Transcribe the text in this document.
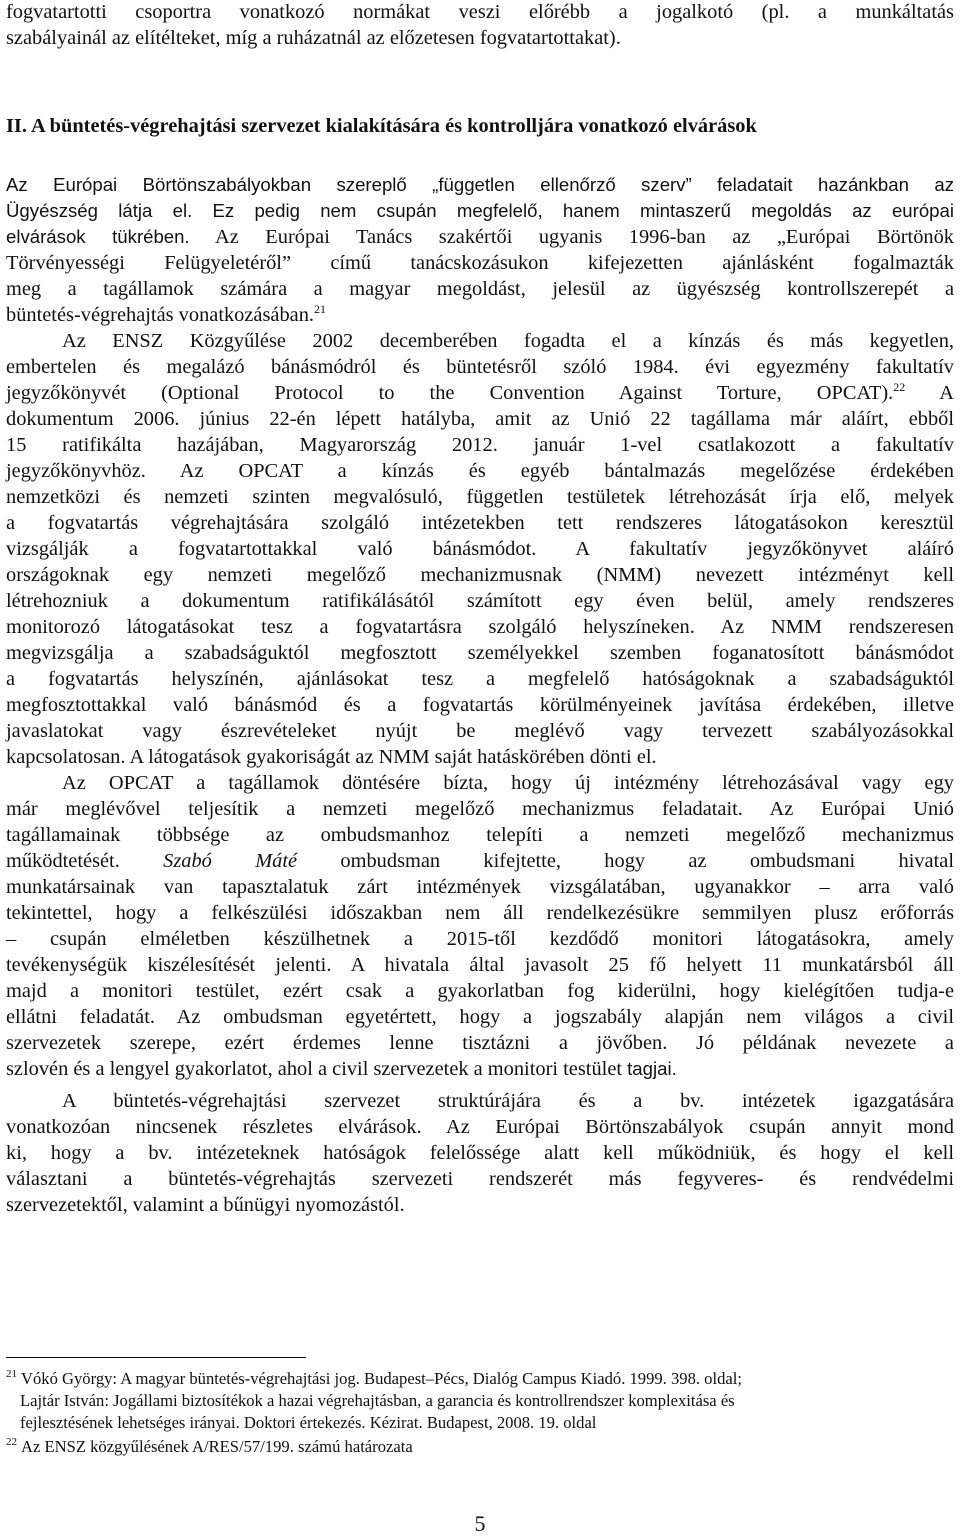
fogvatartotti csoportra vonatkozó normákat veszi előrébb a jogalkotó (pl. a munkáltatás
szabályainál az elítélteket, míg a ruházatnál az előzetesen fogvatartottakat).
II. A büntetés-végrehajtási szervezet kialakítására és kontrolljára vonatkozó elvárások
Az Európai Börtönszabályokban szereplő „független ellenőrző szerv” feladatait hazánkban az
Ügyészség látja el. Ez pedig nem csupán megfelelő, hanem mintaszerű megoldás az európai
elvárások tükrében. Az Európai Tanács szakértői ugyanis 1996-ban az „Európai Börtönök
Törvényességi Felügyeletéről” című tanácskozásukon kifejezetten ajánlásként fogalmazták
meg a tagállamok számára a magyar megoldást, jelesül az ügyészség kontrollszerepét a
büntetés-végrehajtás vonatkozásában.$^{21}$
Az ENSZ Közgyűlése 2002 decemberében fogadta el a kínzás és más kegyetlen,
embertelen és megalázó bánásmódról és büntetésről szóló 1984. évi egyezmény fakultatív
jegyzőkönyvét (Optional Protocol to the Convention Against Torture, OPCAT).$^{22}$ A
dokumentum 2006. június 22-én lépett hatályba, amit az Unió 22 tagállama már aláírt, ebből
15 ratifikálta hazájában, Magyarország 2012. január 1-vel csatlakozott a fakultatív
jegyzőkönyvhöz. Az OPCAT a kínzás és egyéb bántalmazás megelőzése érdekében
nemzetközi és nemzeti szinten megvalósuló, független testületek létrehozását írja elő, melyek
a fogvatartás végrehajtására szolgáló intézetekben tett rendszeres látogatásokon keresztül
vizsgálják a fogvatartottakkal való bánásmódot. A fakultatív jegyzőkönyvet aláíró
országoknak egy nemzeti megelőző mechanizmusnak (NMM) nevezett intézményt kell
létrehozniuk a dokumentum ratifikálásától számított egy éven belül, amely rendszeres
monitorozó látogatásokat tesz a fogvatartásra szolgáló helyszíneken. Az NMM rendszeresen
megvizsgálja a szabadságuktól megfosztott személyekkel szemben foganatosított bánásmódot
a fogvatartás helyszínén, ajánlásokat tesz a megfelelő hatóságoknak a szabadságuktól
megfosztottakkal való bánásmód és a fogvatartás körülményeinek javítása érdekében, illetve
javaslatokat vagy észrevételeket nyújt be meglévő vagy tervezett szabályozásokkal
kapcsolatosan. A látogatások gyakoriságát az NMM saját hatáskörében dönti el.
Az OPCAT a tagállamok döntésére bízta, hogy új intézmény létrehozásával vagy egy
már meglévővel teljesítik a nemzeti megelőző mechanizmus feladatait. Az Európai Unió
tagállamainak többsége az ombudsmanhoz telepíti a nemzeti megelőző mechanizmus
működtetését. Szabó Máté ombudsman kifejtette, hogy az ombudsmani hivatal
munkatársainak van tapasztalatuk zárt intézmények vizsgálatában, ugyanakkor – arra való
tekintettel, hogy a felkészülési időszakban nem áll rendelkezésükre semmilyen plusz erőforrás
– csupán elméletben készülhetnek a 2015-től kezdődő monitori látogatásokra, amely
tevékenységük kiszélesítését jelenti. A hivatala által javasolt 25 fő helyett 11 munkatársból áll
majd a monitori testület, ezért csak a gyakorlatban fog kiderülni, hogy kielégítően tudja-e
ellátni feladatát. Az ombudsman egyetértett, hogy a jogszabály alapján nem világos a civil
szervezetek szerepe, ezért érdemes lenne tisztázni a jövőben. Jó példának nevezete a
szlovén és a lengyel gyakorlatot, ahol a civil szervezetek a monitori testület tagjai.
A büntetés-végrehajtási szervezet struktúrájára és a bv. intézetek igazgatására
vonatkozóan nincsenek részletes elvárások. Az Európai Börtönszabályok csupán annyit mond
ki, hogy a bv. intézeteknek hatóságok felelőssége alatt kell működniük, és hogy el kell
választani a büntetés-végrehajtás szervezeti rendszerét más fegyveres- és rendvédelmi
szervezetektől, valamint a bűnügyi nyomozástól.
$^{21}$ Vókó György: A magyar büntetés-végrehajtási jog. Budapest–Pécs, Dialóg Campus Kiadó. 1999. 398. oldal;
Lajtár István: Jogállami biztosítékok a hazai végrehajtásban, a garancia és kontrollrendszer komplexitása és
fejlesztésének lehetséges irányai. Doktori értekezés. Kézirat. Budapest, 2008. 19. oldal
$^{22}$ Az ENSZ közgyűlésének A/RES/57/199. számú határozata
5
